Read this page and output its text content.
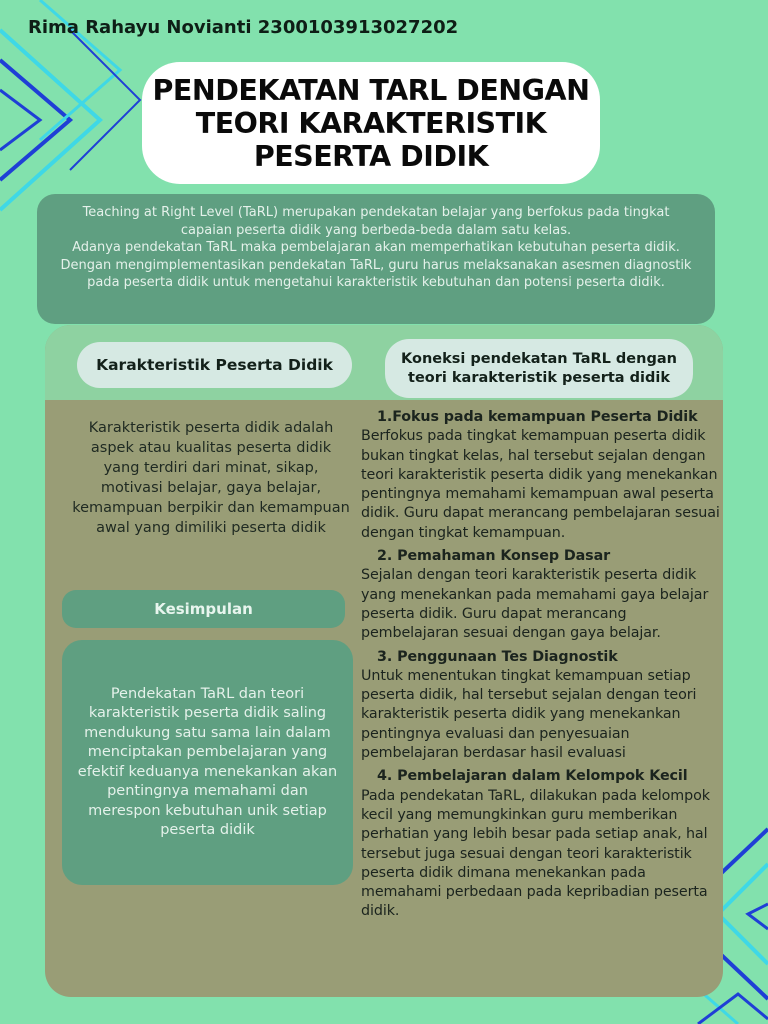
Rima Rahayu Novianti 2300103913027202
PENDEKATAN TARL DENGAN
TEORI KARAKTERISTIK
PESERTA DIDIK

Teaching at Right Level (TaRL) merupakan pendekatan belajar yang berfokus pada tingkat capaian peserta didik yang berbeda-beda dalam satu kelas.

Adanya pendekatan TaRL maka pembelajaran akan memperhatikan kebutuhan peserta didik. Dengan mengimplementasikan pendekatan TaRL, guru harus melaksanakan asesmen diagnostik pada peserta didik untuk mengetahui karakteristik kebutuhan dan potensi peserta didik.

Karakteristik Peserta Didik	Koneksi pendekatan TaRL dengan teori karakteristik peserta didik
Karakteristik peserta didik adalah aspek atau kualitas peserta didik yang terdiri dari minat, sikap, motivasi belajar, gaya belajar, kemampuan berpikir dan kemampuan awal yang dimiliki peserta didik
Kesimpulan
Pendekatan TaRL dan teori karakteristik peserta didik saling mendukung satu sama lain dalam menciptakan pembelajaran yang efektif keduanya menekankan akan pentingnya memahami dan merespon kebutuhan unik setiap peserta didik
1.Fokus pada kemampuan Peserta Didik
Berfokus pada tingkat kemampuan peserta didik bukan tingkat kelas, hal tersebut sejalan dengan teori karakteristik peserta didik yang menekankan pentingnya memahami kemampuan awal peserta didik. Guru dapat merancang pembelajaran sesuai dengan tingkat kemampuan.
2. Pemahaman Konsep Dasar
Sejalan dengan teori karakteristik peserta didik yang menekankan pada memahami gaya belajar peserta didik. Guru dapat merancang pembelajaran sesuai dengan gaya belajar.
3. Penggunaan Tes Diagnostik
Untuk menentukan tingkat kemampuan setiap peserta didik, hal tersebut sejalan dengan teori karakteristik peserta didik yang menekankan pentingnya evaluasi dan penyesuaian pembelajaran berdasar hasil evaluasi
4. Pembelajaran dalam Kelompok Kecil
Pada pendekatan TaRL, dilakukan pada kelompok kecil yang memungkinkan guru memberikan perhatian yang lebih besar pada setiap anak, hal tersebut juga sesuai dengan teori karakteristik peserta didik dimana menekankan pada memahami perbedaan pada kepribadian peserta didik.
